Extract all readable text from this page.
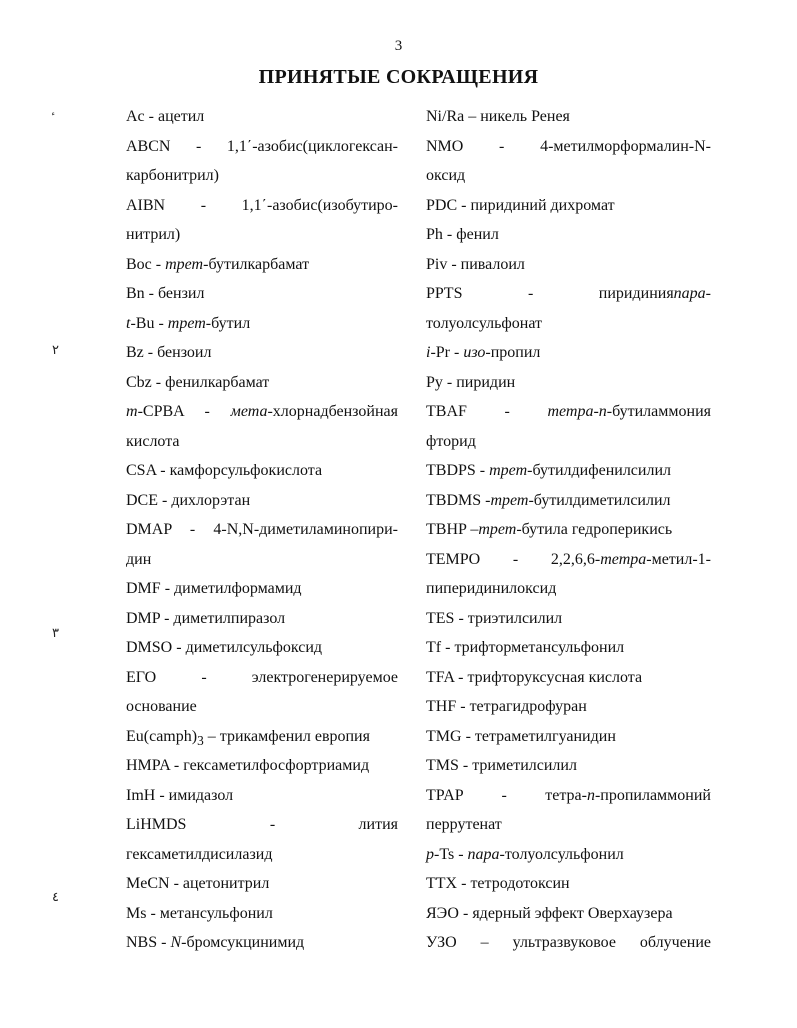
3
ПРИНЯТЫЕ СОКРАЩЕНИЯ
Ac - ацетил
ABCN - 1,1΄-азобис(циклогексан-
карбонитрил)
AIBN - 1,1΄-азобис(изобутиро-
нитрил)
Boc - трет-бутилкарбамат
Bn - бензил
t-Bu - трет-бутил
Bz - бензоил
Cbz - фенилкарбамат
m-CPBA - мета-хлорнадбензойная
кислота
CSA - камфорсульфокислота
DCE - дихлорэтан
DMAP - 4-N,N-диметиламинопири-
дин
DMF - диметилформамид
DMP - диметилпиразол
DMSO - диметилсульфоксид
ЕГО - электрогенерируемое
основание
$Eu(camph)_3$ – трикамфенил европия
HMPA - гексаметилфосфортриамид
ImH - имидазол
LiHMDS - лития
гексаметилдисилазид
MeCN - ацетонитрил
Ms - метансульфонил
NBS - N-бромсукцинимид
Ni/Ra – никель Ренея
NMO - 4-метилморформалин-N-
оксид
PDC - пиридиний дихромат
Ph - фенил
Piv - пивалоил
PPTS - пиридинияпара-
толуолсульфонат
i-Pr - изо-пропил
Py - пиридин
TBAF - тетра-n-бутиламмония
фторид
TBDPS - трет-бутилдифенилсилил
TBDMS -трет-бутилдиметилсилил
TBHP –трет-бутила гедроперикись
TEMPO - 2,2,6,6-тетра-метил-1-
пиперидинилоксид
TES - триэтилсилил
Tf - трифторметансульфонил
TFA - трифторуксусная кислота
THF - тетрагидрофуран
TMG - тетраметилгуанидин
TMS - триметилсилил
TPAP - тетра-n-пропиламмоний
перрутенат
p-Ts - пара-толуолсульфонил
TTX - тетродотоксин
ЯЭО - ядерный эффект Оверхаузера
УЗО – ультразвуковое облучение
٢
٣
٤
